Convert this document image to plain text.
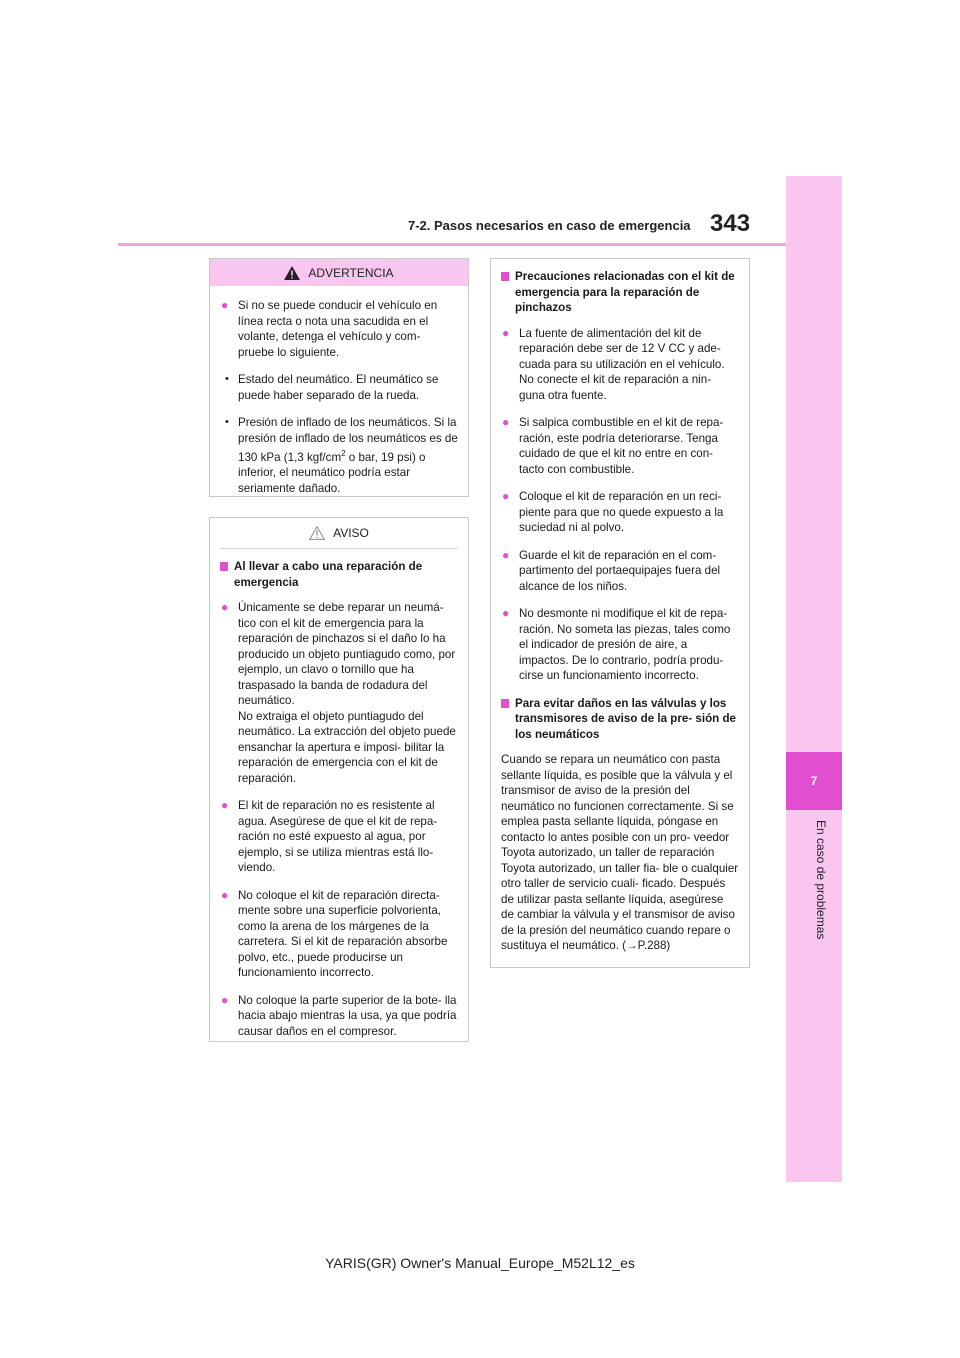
7-2. Pasos necesarios en caso de emergencia 343
7
En caso de problemas
ADVERTENCIA
● Si no se puede conducir el vehículo en línea recta o nota una sacudida en el volante, detenga el vehículo y com- pruebe lo siguiente.
• Estado del neumático. El neumático se puede haber separado de la rueda.
• Presión de inflado de los neumáticos. Si la presión de inflado de los neumáticos es de 130 kPa (1,3 kgf/$cm^2$ o bar, 19 psi) o inferior, el neumático podría estar seriamente dañado.
AVISO
Al llevar a cabo una reparación de emergencia
● Únicamente se debe reparar un neumá- tico con el kit de emergencia para la reparación de pinchazos si el daño lo ha producido un objeto puntiagudo como, por ejemplo, un clavo o tornillo que ha traspasado la banda de rodadura del neumático.
No extraiga el objeto puntiagudo del neumático. La extracción del objeto puede ensanchar la apertura e imposi- bilitar la reparación de emergencia con el kit de reparación.
● El kit de reparación no es resistente al agua. Asegúrese de que el kit de repa- ración no esté expuesto al agua, por ejemplo, si se utiliza mientras está llo- viendo.
● No coloque el kit de reparación directa- mente sobre una superficie polvorienta, como la arena de los márgenes de la carretera. Si el kit de reparación absorbe polvo, etc., puede producirse un funcionamiento incorrecto.
● No coloque la parte superior de la bote- lla hacia abajo mientras la usa, ya que podría causar daños en el compresor.
Precauciones relacionadas con el kit de emergencia para la reparación de pinchazos
● La fuente de alimentación del kit de reparación debe ser de 12 V CC y ade- cuada para su utilización en el vehículo. No conecte el kit de reparación a nin- guna otra fuente.
● Si salpica combustible en el kit de repa- ración, este podría deteriorarse. Tenga cuidado de que el kit no entre en con- tacto con combustible.
● Coloque el kit de reparación en un reci- piente para que no quede expuesto a la suciedad ni al polvo.
● Guarde el kit de reparación en el com- partimento del portaequipajes fuera del alcance de los niños.
● No desmonte ni modifique el kit de repa- ración. No someta las piezas, tales como el indicador de presión de aire, a impactos. De lo contrario, podría produ- cirse un funcionamiento incorrecto.
Para evitar daños en las válvulas y los transmisores de aviso de la pre- sión de los neumáticos

Cuando se repara un neumático con pasta sellante líquida, es posible que la válvula y el transmisor de aviso de la presión del neumático no funcionen correctamente. Si se emplea pasta sellante líquida, póngase en contacto lo antes posible con un pro- veedor Toyota autorizado, un taller de reparación Toyota autorizado, un taller fia- ble o cualquier otro taller de servicio cuali- ficado. Después de utilizar pasta sellante líquida, asegúrese de cambiar la válvula y el transmisor de aviso de la presión del neumático cuando repare o sustituya el neumático. (→P.288)

YARIS(GR) Owner's Manual_Europe_M52L12_es
